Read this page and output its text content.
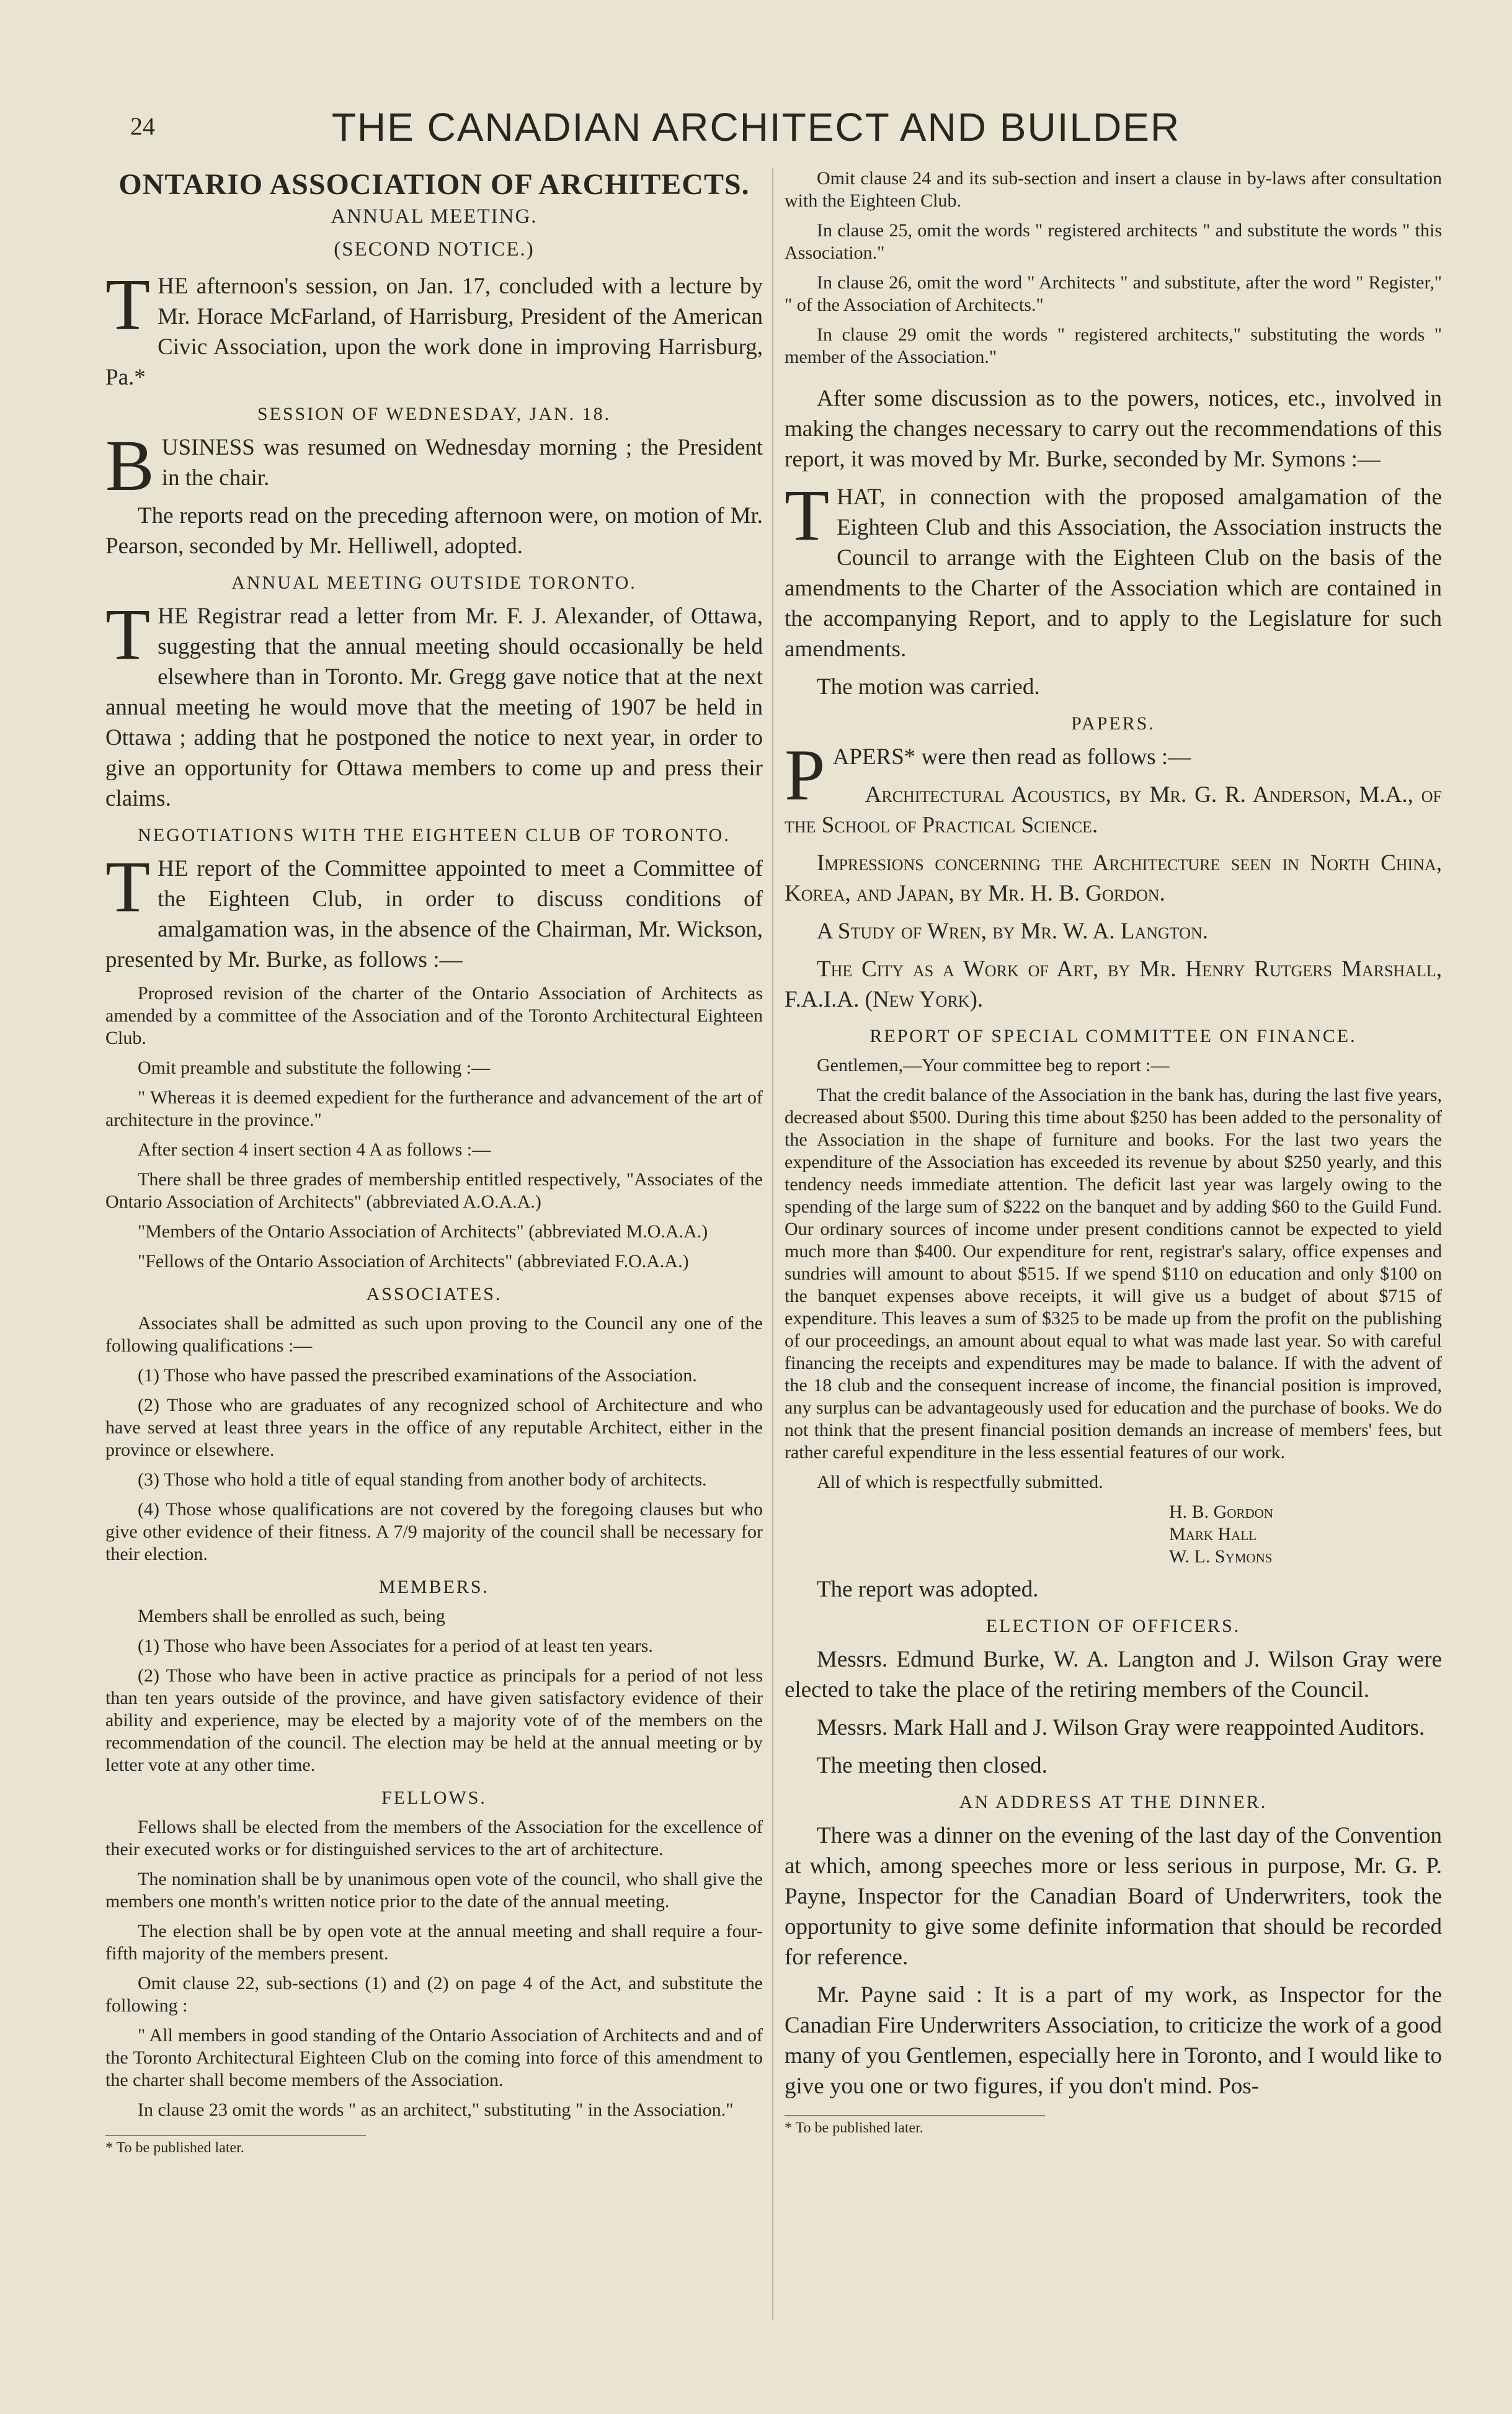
24	THE CANADIAN ARCHITECT AND BUILDER
ONTARIO ASSOCIATION OF ARCHITECTS.
ANNUAL MEETING.
(SECOND NOTICE.)

THE afternoon's session, on Jan. 17, concluded with a lecture by Mr. Horace McFarland, of Harrisburg, President of the American Civic Association, upon the work done in improving Harrisburg, Pa.*

SESSION OF WEDNESDAY, JAN. 18.

BUSINESS was resumed on Wednesday morning ; the President in the chair.

The reports read on the preceding afternoon were, on motion of Mr. Pearson, seconded by Mr. Helliwell, adopted.

ANNUAL MEETING OUTSIDE TORONTO.

THE Registrar read a letter from Mr. F. J. Alexander, of Ottawa, suggesting that the annual meeting should occasionally be held elsewhere than in Toronto. Mr. Gregg gave notice that at the next annual meeting he would move that the meeting of 1907 be held in Ottawa ; adding that he postponed the notice to next year, in order to give an opportunity for Ottawa members to come up and press their claims.

NEGOTIATIONS WITH THE EIGHTEEN CLUB OF TORONTO.

THE report of the Committee appointed to meet a Committee of the Eighteen Club, in order to discuss conditions of amalgamation was, in the absence of the Chairman, Mr. Wickson, presented by Mr. Burke, as follows :—

Proprosed revision of the charter of the Ontario Association of Architects as amended by a committee of the Association and of the Toronto Architectural Eighteen Club.

Omit preamble and substitute the following :—

" Whereas it is deemed expedient for the furtherance and advancement of the art of architecture in the province."

After section 4 insert section 4 A as follows :—

There shall be three grades of membership entitled respectively, "Associates of the Ontario Association of Architects" (abbreviated A.O.A.A.)

"Members of the Ontario Association of Architects" (abbreviated M.O.A.A.)

"Fellows of the Ontario Association of Architects" (abbreviated F.O.A.A.)

ASSOCIATES.

Associates shall be admitted as such upon proving to the Council any one of the following qualifications :—

(1) Those who have passed the prescribed examinations of the Association.

(2) Those who are graduates of any recognized school of Architecture and who have served at least three years in the office of any reputable Architect, either in the province or elsewhere.

(3) Those who hold a title of equal standing from another body of architects.

(4) Those whose qualifications are not covered by the foregoing clauses but who give other evidence of their fitness. A 7/9 majority of the council shall be necessary for their election.

MEMBERS.

Members shall be enrolled as such, being

(1) Those who have been Associates for a period of at least ten years.

(2) Those who have been in active practice as principals for a period of not less than ten years outside of the province, and have given satisfactory evidence of their ability and experience, may be elected by a majority vote of of the members on the recommendation of the council. The election may be held at the annual meeting or by letter vote at any other time.

FELLOWS.

Fellows shall be elected from the members of the Association for the excellence of their executed works or for distinguished services to the art of architecture.

The nomination shall be by unanimous open vote of the council, who shall give the members one month's written notice prior to the date of the annual meeting.

The election shall be by open vote at the annual meeting and shall require a four-fifth majority of the members present.

Omit clause 22, sub-sections (1) and (2) on page 4 of the Act, and substitute the following :

" All members in good standing of the Ontario Association of Architects and and of the Toronto Architectural Eighteen Club on the coming into force of this amendment to the charter shall become members of the Association.

In clause 23 omit the words " as an architect," substituting " in the Association."

* To be published later.

Omit clause 24 and its sub-section and insert a clause in by-laws after consultation with the Eighteen Club.

In clause 25, omit the words " registered architects " and substitute the words " this Association."

In clause 26, omit the word " Architects " and substitute, after the word " Register," " of the Association of Architects."

In clause 29 omit the words " registered architects," substituting the words " member of the Association."

After some discussion as to the powers, notices, etc., involved in making the changes necessary to carry out the recommendations of this report, it was moved by Mr. Burke, seconded by Mr. Symons :—

THAT, in connection with the proposed amalgamation of the Eighteen Club and this Association, the Association instructs the Council to arrange with the Eighteen Club on the basis of the amendments to the Charter of the Association which are contained in the accompanying Report, and to apply to the Legislature for such amendments.

The motion was carried.

PAPERS.

PAPERS* were then read as follows :—

Architectural Acoustics, by Mr. G. R. Anderson, M.A., of the School of Practical Science.

Impressions concerning the Architecture seen in North China, Korea, and Japan, by Mr. H. B. Gordon.

A Study of Wren, by Mr. W. A. Langton.

The City as a Work of Art, by Mr. Henry Rutgers Marshall, F.A.I.A. (New York).

REPORT OF SPECIAL COMMITTEE ON FINANCE.

Gentlemen,—Your committee beg to report :—

That the credit balance of the Association in the bank has, during the last five years, decreased about $500. During this time about $250 has been added to the personality of the Association in the shape of furniture and books. For the last two years the expenditure of the Association has exceeded its revenue by about $250 yearly, and this tendency needs immediate attention. The deficit last year was largely owing to the spending of the large sum of $222 on the banquet and by adding $60 to the Guild Fund. Our ordinary sources of income under present conditions cannot be expected to yield much more than $400. Our expenditure for rent, registrar's salary, office expenses and sundries will amount to about $515. If we spend $110 on education and only $100 on the banquet expenses above receipts, it will give us a budget of about $715 of expenditure. This leaves a sum of $325 to be made up from the profit on the publishing of our proceedings, an amount about equal to what was made last year. So with careful financing the receipts and expenditures may be made to balance. If with the advent of the 18 club and the consequent increase of income, the financial position is improved, any surplus can be advantageously used for education and the purchase of books. We do not think that the present financial position demands an increase of members' fees, but rather careful expenditure in the less essential features of our work.

All of which is respectfully submitted.

H. B. Gordon
Mark Hall
W. L. Symons

The report was adopted.

ELECTION OF OFFICERS.

Messrs. Edmund Burke, W. A. Langton and J. Wilson Gray were elected to take the place of the retiring members of the Council.

Messrs. Mark Hall and J. Wilson Gray were reappointed Auditors.

The meeting then closed.

AN ADDRESS AT THE DINNER.

There was a dinner on the evening of the last day of the Convention at which, among speeches more or less serious in purpose, Mr. G. P. Payne, Inspector for the Canadian Board of Underwriters, took the opportunity to give some definite information that should be recorded for reference.

Mr. Payne said : It is a part of my work, as Inspector for the Canadian Fire Underwriters Association, to criticize the work of a good many of you Gentlemen, especially here in Toronto, and I would like to give you one or two figures, if you don't mind. Pos-

* To be published later.
